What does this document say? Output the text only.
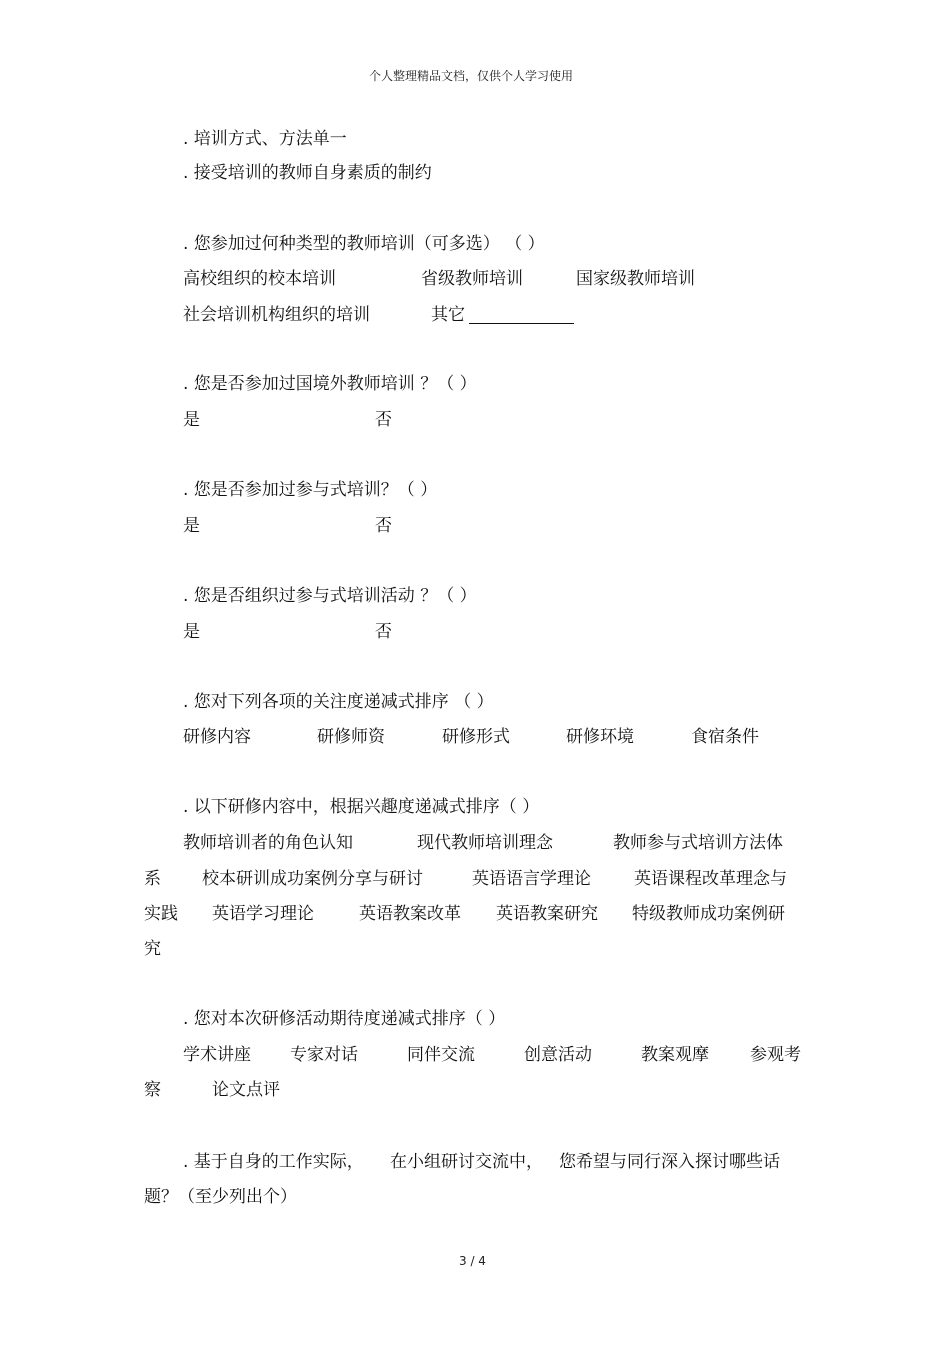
个人整理精品文档，仅供个人学习使用
. 培训方式、方法单一
. 接受培训的教师自身素质的制约
. 您参加过何种类型的教师培训（可多选） （ ）
高校组织的校本培训	省级教师培训	国家级教师培训
社会培训机构组织的培训	其它
. 您是否参加过国境外教师培训 ？（ ）
是	否
. 您是否参加过参与式培训？（ ）
是	否
. 您是否组织过参与式培训活动 ？（ ）
是	否
. 您对下列各项的关注度递减式排序 （ ）
研修内容	研修师资	研修形式	研修环境	食宿条件
. 以下研修内容中，根据兴趣度递减式排序（ ）
教师培训者的角色认知	现代教师培训理念	教师参与式培训方法体
系 校本研训成功案例分享与研讨	英语语言学理论	英语课程改革理念与
实践 英语学习理论	英语教案改革 英语教案研究 特级教师成功案例研
究
. 您对本次研修活动期待度递减式排序（ ）
学术讲座 专家对话	同伴交流	创意活动	教案观摩 参观考
察	论文点评
. 基于自身的工作实际， 在小组研讨交流中， 您希望与同行深入探讨哪些话
题？（至少列出个）
3 / 4
